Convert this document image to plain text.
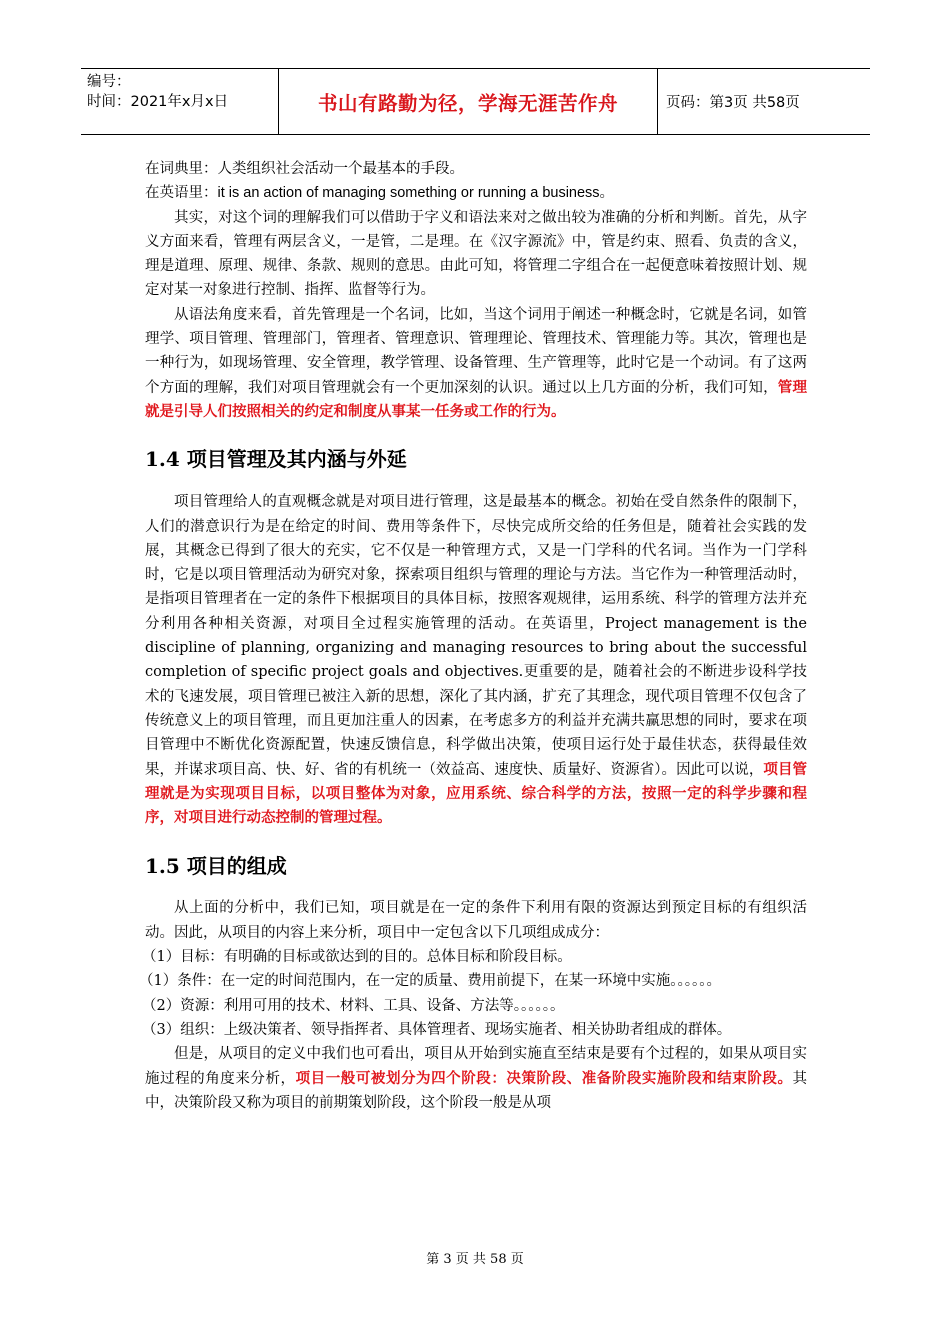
编号：
时间：2021年x月x日	书山有路勤为径，学海无涯苦作舟	页码：第3页 共58页

在词典里：人类组织社会活动一个最基本的手段。

在英语里：it is an action of managing something or running a business。

其实，对这个词的理解我们可以借助于字义和语法来对之做出较为准确的分析和判断。首先，从字义方面来看，管理有两层含义，一是管，二是理。在《汉字源流》中，管是约束、照看、负责的含义，理是道理、原理、规律、条款、规则的意思。由此可知，将管理二字组合在一起便意味着按照计划、规定对某一对象进行控制、指挥、监督等行为。

从语法角度来看，首先管理是一个名词，比如，当这个词用于阐述一种概念时，它就是名词，如管理学、项目管理、管理部门，管理者、管理意识、管理理论、管理技术、管理能力等。其次，管理也是一种行为，如现场管理、安全管理，教学管理、设备管理、生产管理等，此时它是一个动词。有了这两个方面的理解，我们对项目管理就会有一个更加深刻的认识。通过以上几方面的分析，我们可知，管理就是引导人们按照相关的约定和制度从事某一任务或工作的行为。

1.4 项目管理及其内涵与外延

项目管理给人的直观概念就是对项目进行管理，这是最基本的概念。初始在受自然条件的限制下，人们的潜意识行为是在给定的时间、费用等条件下，尽快完成所交给的任务但是，随着社会实践的发展，其概念已得到了很大的充实，它不仅是一种管理方式，又是一门学科的代名词。当作为一门学科时，它是以项目管理活动为研究对象，探索项目组织与管理的理论与方法。当它作为一种管理活动时，是指项目管理者在一定的条件下根据项目的具体目标，按照客观规律，运用系统、科学的管理方法并充分利用各种相关资源，对项目全过程实施管理的活动。在英语里，Project management is the discipline of planning, organizing and managing resources to bring about the successful completion of specific project goals and objectives.更重要的是，随着社会的不断进步设科学技术的飞速发展，项目管理已被注入新的思想，深化了其内涵，扩充了其理念，现代项目管理不仅包含了传统意义上的项目管理，而且更加注重人的因素，在考虑多方的利益并充满共赢思想的同时，要求在项目管理中不断优化资源配置，快速反馈信息，科学做出决策，使项目运行处于最佳状态，获得最佳效果，并谋求项目高、快、好、省的有机统一（效益高、速度快、质量好、资源省）。因此可以说，项目管理就是为实现项目目标，以项目整体为对象，应用系统、综合科学的方法，按照一定的科学步骤和程序，对项目进行动态控制的管理过程。

1.5 项目的组成

从上面的分析中，我们已知，项目就是在一定的条件下利用有限的资源达到预定目标的有组织活动。因此，从项目的内容上来分析，项目中一定包含以下几项组成成分：

（1）目标：有明确的目标或欲达到的目的。总体目标和阶段目标。

（1）条件：在一定的时间范围内，在一定的质量、费用前提下，在某一环境中实施。。。。。。

（2）资源：利用可用的技术、材料、工具、设备、方法等。。。。。。

（3）组织：上级决策者、领导指挥者、具体管理者、现场实施者、相关协助者组成的群体。

但是，从项目的定义中我们也可看出，项目从开始到实施直至结束是要有个过程的，如果从项目实施过程的角度来分析，项目一般可被划分为四个阶段：决策阶段、准备阶段实施阶段和结束阶段。其中，决策阶段又称为项目的前期策划阶段，这个阶段一般是从项

第 3 页 共 58 页
